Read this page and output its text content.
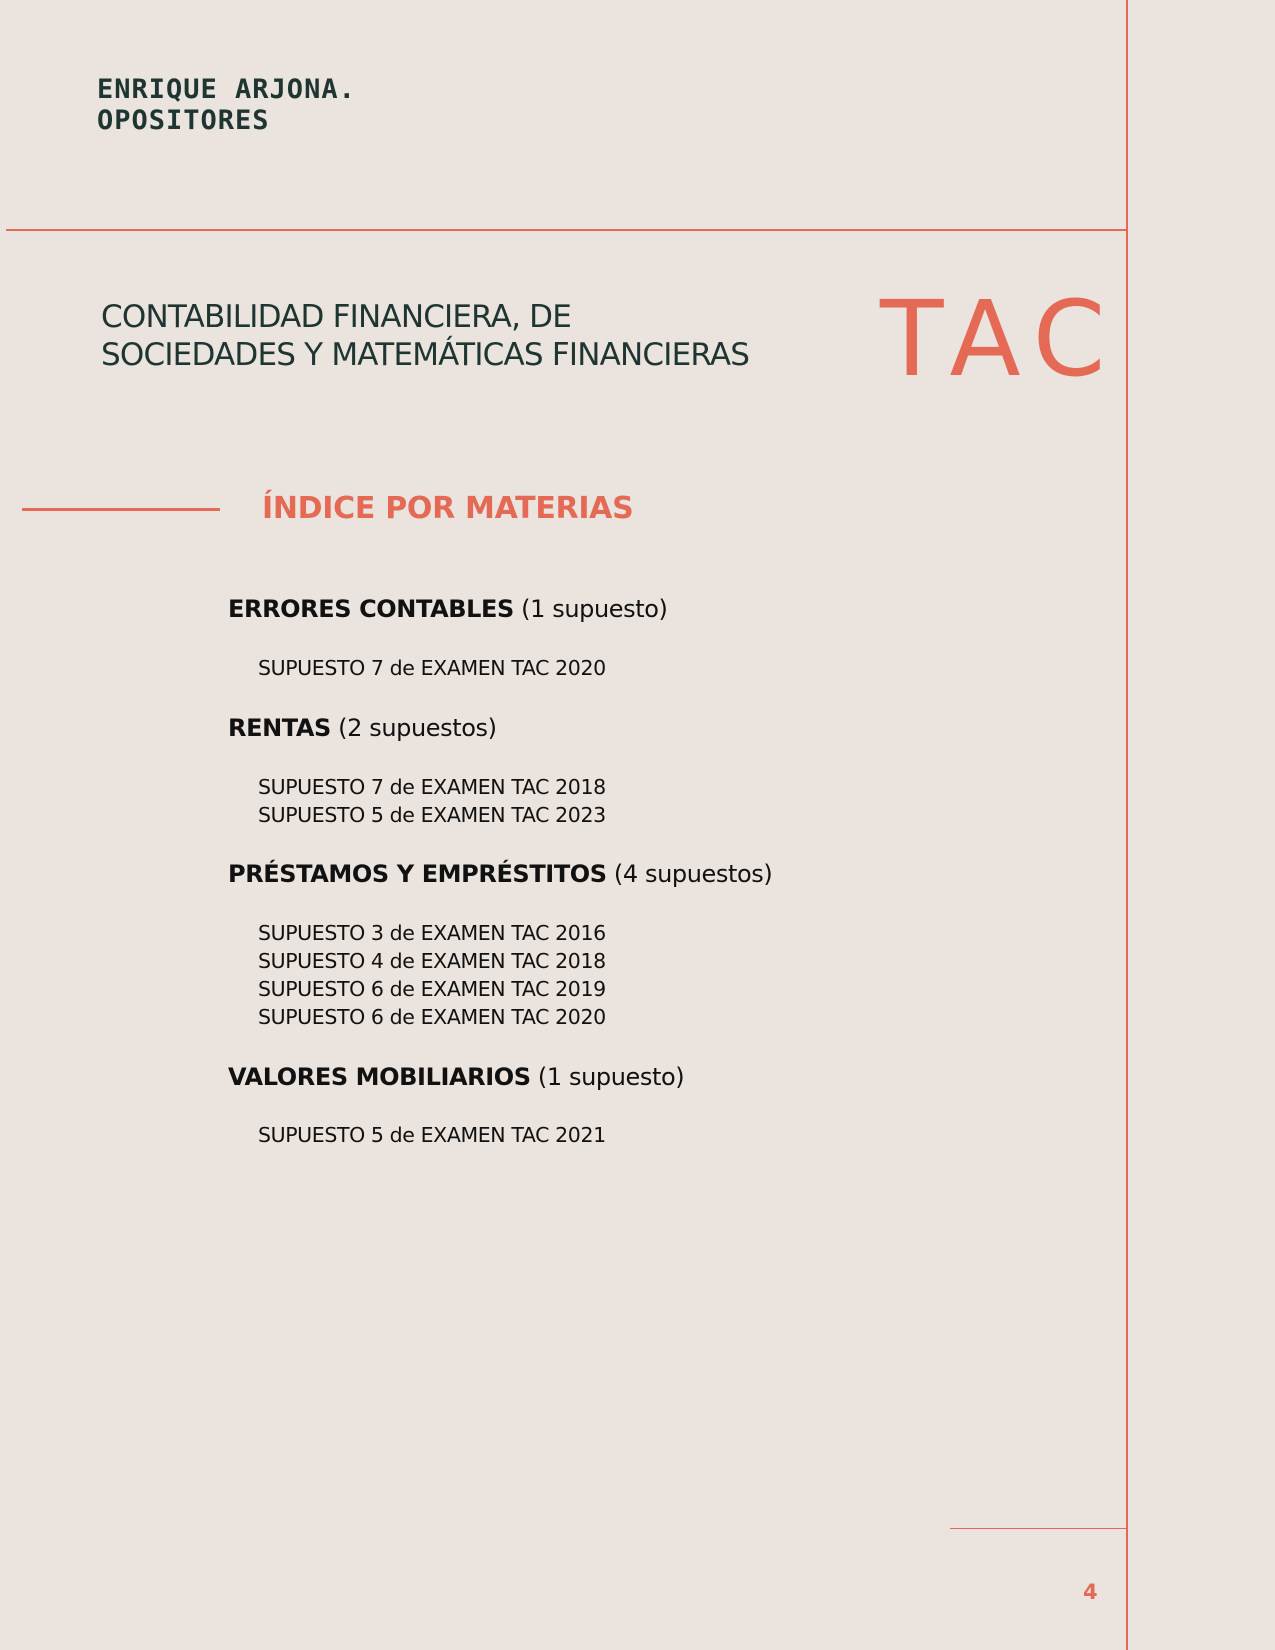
ENRIQUE ARJONA.
OPOSITORES
CONTABILIDAD FINANCIERA, DE
SOCIEDADES Y MATEMÁTICAS FINANCIERAS TAC
ÍNDICE POR MATERIAS
ERRORES CONTABLES (1 supuesto)
SUPUESTO 7 de EXAMEN TAC 2020
RENTAS (2 supuestos)
SUPUESTO 7 de EXAMEN TAC 2018
SUPUESTO 5 de EXAMEN TAC 2023
PRÉSTAMOS Y EMPRÉSTITOS (4 supuestos)
SUPUESTO 3 de EXAMEN TAC 2016
SUPUESTO 4 de EXAMEN TAC 2018
SUPUESTO 6 de EXAMEN TAC 2019
SUPUESTO 6 de EXAMEN TAC 2020
VALORES MOBILIARIOS (1 supuesto)
SUPUESTO 5 de EXAMEN TAC 2021
4
